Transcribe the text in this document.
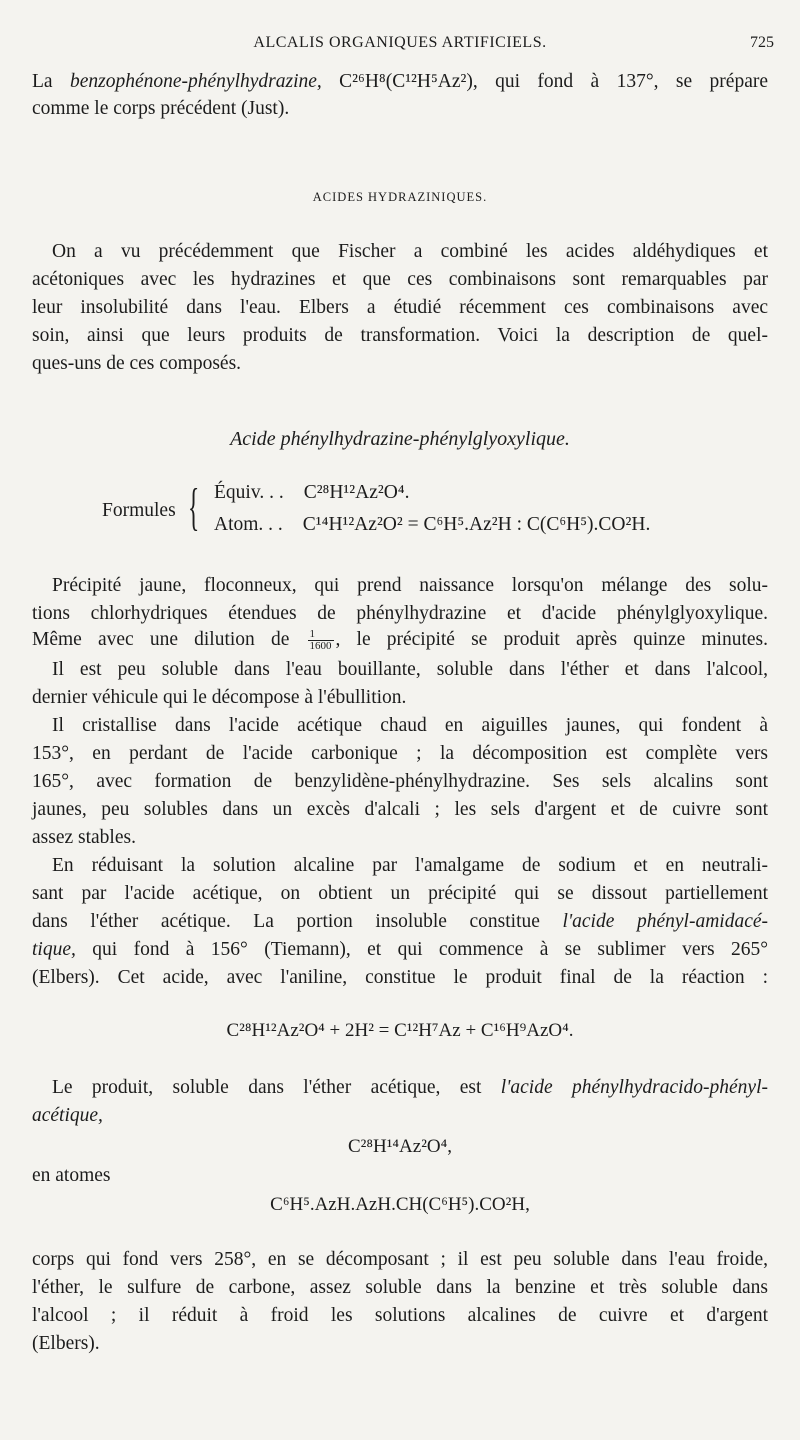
ALCALIS ORGANIQUES ARTIFICIELS.	725
La benzophénone-phénylhydrazine, C²⁶H⁸(C¹²H⁵Az²), qui fond à 137°, se prépare
comme le corps précédent (Just).
ACIDES HYDRAZINIQUES.
On a vu précédemment que Fischer a combiné les acides aldéhydiques et
acétoniques avec les hydrazines et que ces combinaisons sont remarquables par
leur insolubilité dans l'eau. Elbers a étudié récemment ces combinaisons avec
soin, ainsi que leurs produits de transformation. Voici la description de quel-
ques-uns de ces composés.
Acide phénylhydrazine-phénylglyoxylique.
Formules { Équiv. . . C²⁸H¹²Az²O⁴.
Atom. . . C¹⁴H¹²Az²O² = C⁶H⁵.Az²H : C(C⁶H⁵).CO²H.
Précipité jaune, floconneux, qui prend naissance lorsqu'on mélange des solu-
tions chlorhydriques étendues de phénylhydrazine et d'acide phénylglyoxylique.
Même avec une dilution de $\frac{1}{1600}$ , le précipité se produit après quinze minutes.
Il est peu soluble dans l'eau bouillante, soluble dans l'éther et dans l'alcool,
dernier véhicule qui le décompose à l'ébullition.
Il cristallise dans l'acide acétique chaud en aiguilles jaunes, qui fondent à
153°, en perdant de l'acide carbonique ; la décomposition est complète vers
165°, avec formation de benzylidène-phénylhydrazine. Ses sels alcalins sont
jaunes, peu solubles dans un excès d'alcali ; les sels d'argent et de cuivre sont
assez stables.
En réduisant la solution alcaline par l'amalgame de sodium et en neutrali-
sant par l'acide acétique, on obtient un précipité qui se dissout partiellement
dans l'éther acétique. La portion insoluble constitue l'acide phényl-amidacé-
tique, qui fond à 156° (Tiemann), et qui commence à se sublimer vers 265°
(Elbers). Cet acide, avec l'aniline, constitue le produit final de la réaction :
C²⁸H¹²Az²O⁴ + 2H² = C¹²H⁷Az + C¹⁶H⁹AzO⁴.
Le produit, soluble dans l'éther acétique, est l'acide phénylhydracido-phényl-
acétique,
C²⁸H¹⁴Az²O⁴,
en atomes
C⁶H⁵.AzH.AzH.CH(C⁶H⁵).CO²H,
corps qui fond vers 258°, en se décomposant ; il est peu soluble dans l'eau froide,
l'éther, le sulfure de carbone, assez soluble dans la benzine et très soluble dans
l'alcool ; il réduit à froid les solutions alcalines de cuivre et d'argent
(Elbers).
